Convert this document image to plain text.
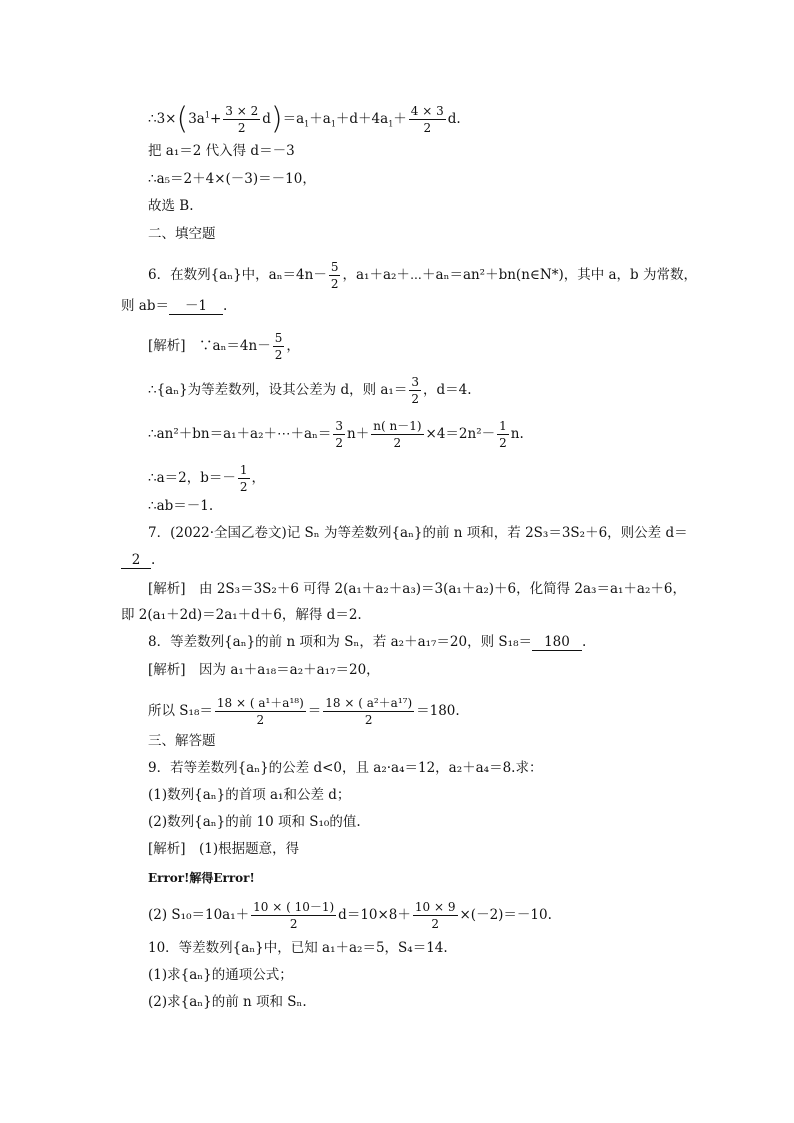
$\therefore 3\times(3a^1+ \frac{3 \times 2}{2} d)=a_1+a_1+d+4a_1+ \frac{4 \times 3}{2} d$.
把 a₁＝2 代入得 d＝－3
∴a₅＝2＋4×(－3)＝－10，
故选 B.
二、填空题
6．在数列{aₙ}中，$a_n=4n- \frac{5}{2}$ ，a₁＋a₂＋⋯＋aₙ＝an²＋bn(n∈N*)，其中 a，b 为常数，
则 ab＝ －1 .
[解析]　∵aₙ＝4n－ $\frac{5}{2}$ ，
∴{aₙ}为等差数列，设其公差为 d，则 $a_1= \frac{3}{2}$ ，d＝4.
∴an²＋bn＝a₁＋a₂＋⋯＋aₙ＝ $\frac{3}{2} n+ \frac{n( n-1)}{2} \times 4=2n^2- \frac{1}{2} n$.
∴a＝2，$b=- \frac{1}{2}$ ，
∴ab＝－1.
7．(2022·全国乙卷文)记 Sₙ 为等差数列{aₙ}的前 n 项和，若 2S₃＝3S₂＋6，则公差 d＝
2 .
[解析]　由 2S₃＝3S₂＋6 可得 2(a₁＋a₂＋a₃)＝3(a₁＋a₂)＋6，化简得 2a₃＝a₁＋a₂＋6，
即 2(a₁＋2d)＝2a₁＋d＋6，解得 d＝2.
8．等差数列{aₙ}的前 n 项和为 Sₙ，若 a₂＋a₁₇＝20，则 S₁₈＝ 180 .
[解析]　因为 a₁＋a₁₈＝a₂＋a₁₇＝20，
所以 $S_{18}= \frac{\text{18 × ( a¹＋a¹⁸)}}{2} = \frac{\text{18 × ( a²＋a¹⁷)}}{2} =180$.
三、解答题
9．若等差数列{aₙ}的公差 d<0，且 a₂·a₄＝12，a₂＋a₄＝8.求：
(1)数列{aₙ}的首项 a₁和公差 d；
(2)数列{aₙ}的前 10 项和 S₁₀的值.
[解析]　(1)根据题意，得
Error!解得Error!
(2) $S_{10}=10a_1+ \frac{10 \times ( 10-1)}{2} d=10\times 8+ \frac{10 \times 9}{2} \times(-2)=-10$.
10．等差数列{aₙ}中，已知 a₁＋a₂＝5，S₄＝14.
(1)求{aₙ}的通项公式；
(2)求{aₙ}的前 n 项和 Sₙ.
